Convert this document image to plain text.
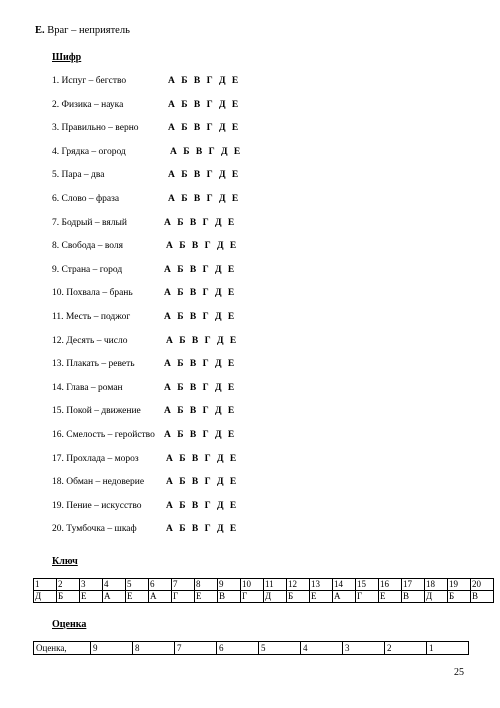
Е. Враг – неприятель
Шифр
1. Испуг – бегство	А Б В Г Д Е
2. Физика – наука	А Б В Г Д Е
3. Правильно – верно	А Б В Г Д Е
4. Грядка – огород	А Б В Г Д Е
5. Пара – два	А Б В Г Д Е
6. Слово – фраза	А Б В Г Д Е
7. Бодрый – вялый	А Б В Г Д Е
8. Свобода – воля	А Б В Г Д Е
9. Страна – город	А Б В Г Д Е
10. Похвала – брань	А Б В Г Д Е
11. Месть – поджог	А Б В Г Д Е
12. Десять – число	А Б В Г Д Е
13. Плакать – реветь	А Б В Г Д Е
14. Глава – роман	А Б В Г Д Е
15. Покой – движение А Б В Г Д Е
16. Смелость – геройство А Б В Г Д Е
17. Прохлада – мороз	А Б В Г Д Е
18. Обман – недоверие А Б В Г Д Е
19. Пение – искусство	А Б В Г Д Е
20. Тумбочка – шкаф	А Б В Г Д Е
Ключ
1	2	3	4	5	6	7	8	9	10	11	12	13	14	15	16	17	18	19	20
Д	Б	Е	А	Е	А	Г	Е	В	Г	Д	Б	Е	А	Г	Е	В	Д	Б	В
Оценка
Оценка,	9	8	7	6	5	4	3	2	1
25
